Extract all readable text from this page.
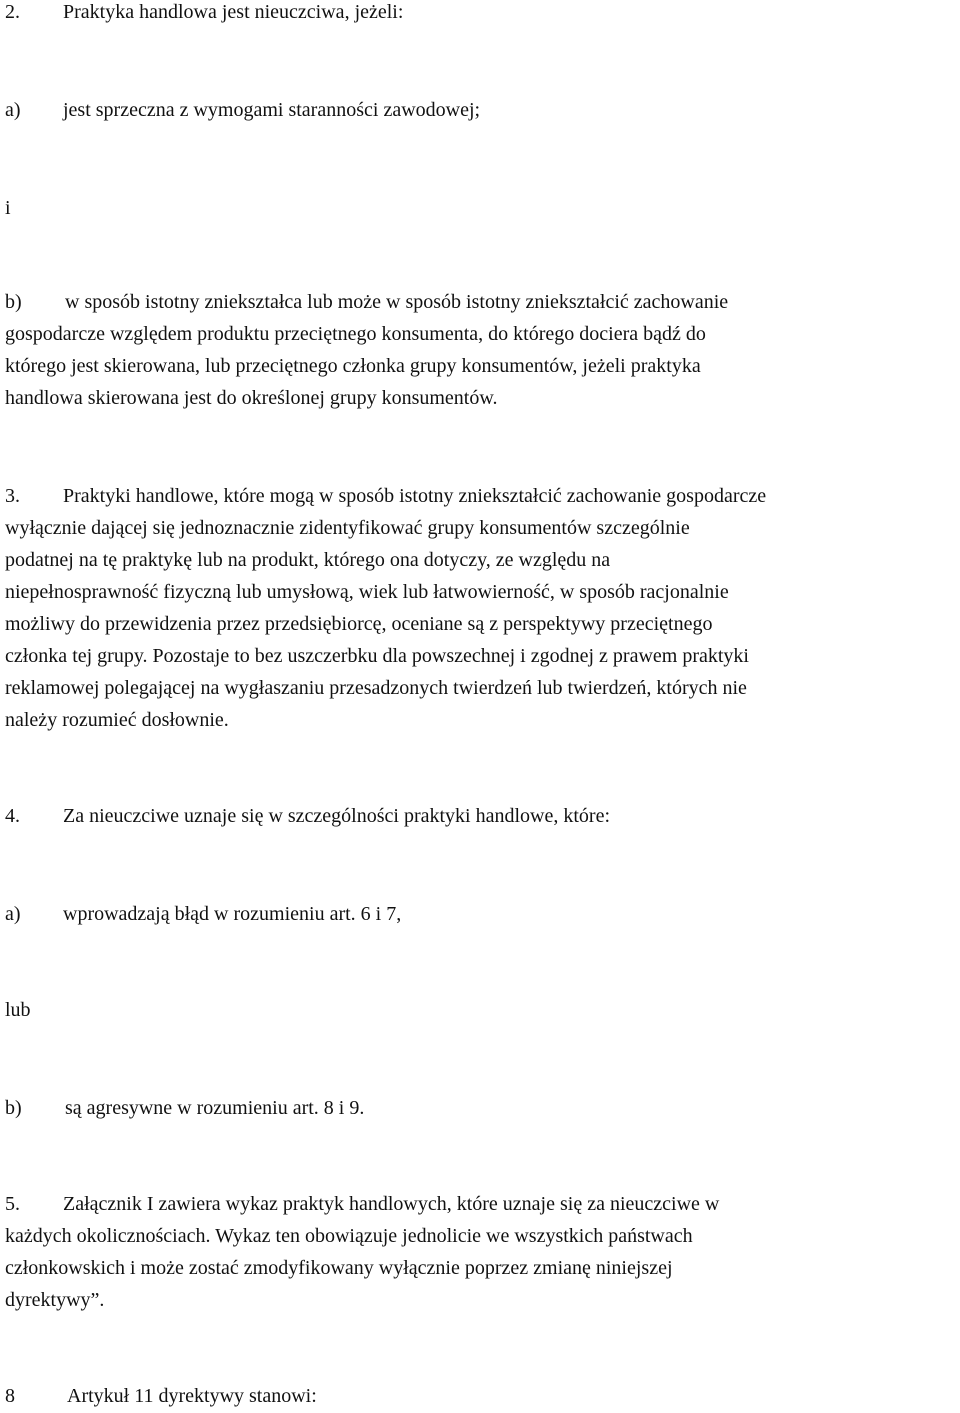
2. Praktyka handlowa jest nieuczciwa, jeżeli:

a) jest sprzeczna z wymogami staranności zawodowej;

i

b) w sposób istotny zniekształca lub może w sposób istotny zniekształcić zachowanie

gospodarcze względem produktu przeciętnego konsumenta, do którego dociera bądź do

którego jest skierowana, lub przeciętnego członka grupy konsumentów, jeżeli praktyka

handlowa skierowana jest do określonej grupy konsumentów.

3. Praktyki handlowe, które mogą w sposób istotny zniekształcić zachowanie gospodarcze

wyłącznie dającej się jednoznacznie zidentyfikować grupy konsumentów szczególnie

podatnej na tę praktykę lub na produkt, którego ona dotyczy, ze względu na

niepełnosprawność fizyczną lub umysłową, wiek lub łatwowierność, w sposób racjonalnie

możliwy do przewidzenia przez przedsiębiorcę, oceniane są z perspektywy przeciętnego

członka tej grupy. Pozostaje to bez uszczerbku dla powszechnej i zgodnej z prawem praktyki

reklamowej polegającej na wygłaszaniu przesadzonych twierdzeń lub twierdzeń, których nie

należy rozumieć dosłownie.

4. Za nieuczciwe uznaje się w szczególności praktyki handlowe, które:

a) wprowadzają błąd w rozumieniu art. 6 i 7,

lub

b) są agresywne w rozumieniu art. 8 i 9.

5. Załącznik I zawiera wykaz praktyk handlowych, które uznaje się za nieuczciwe w

każdych okolicznościach. Wykaz ten obowiązuje jednolicie we wszystkich państwach

członkowskich i może zostać zmodyfikowany wyłącznie poprzez zmianę niniejszej

dyrektywy”.

8	Artykuł 11 dyrektywy stanowi:
